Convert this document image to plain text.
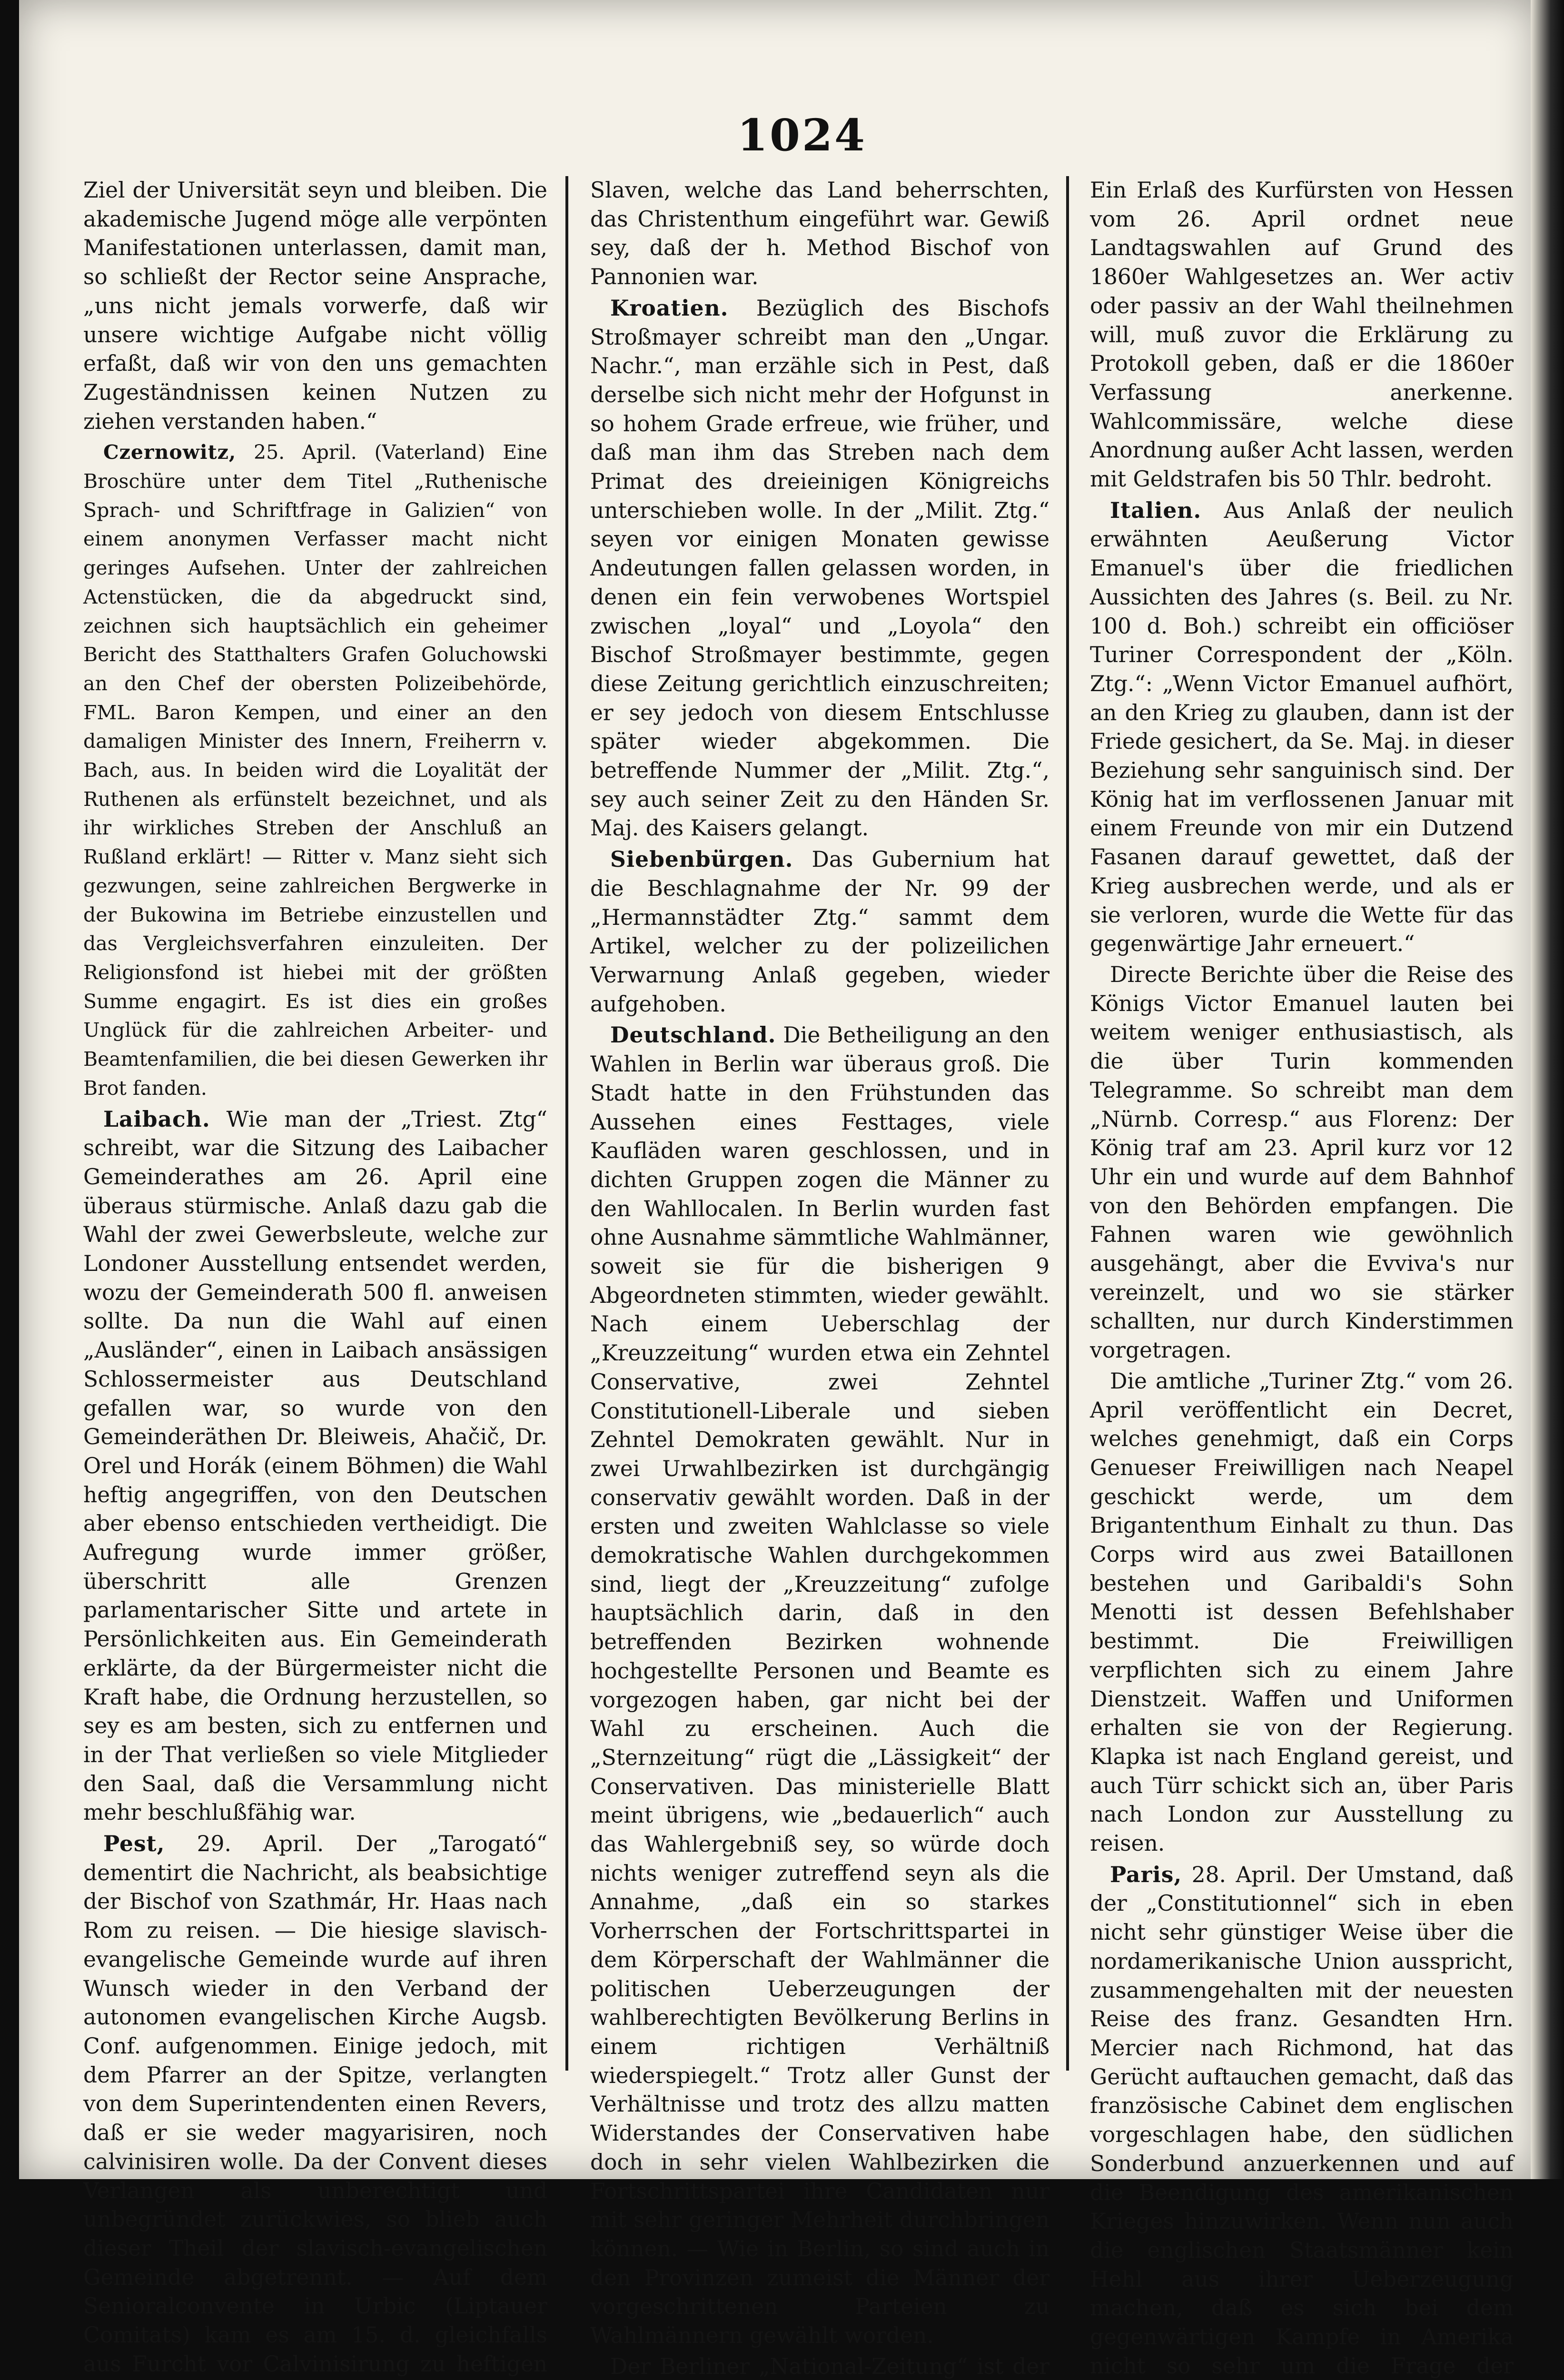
1024

Ziel der Universität seyn und bleiben. Die akademische Jugend möge alle verpönten Manifestationen unterlassen, damit man, so schließt der Rector seine Ansprache, „uns nicht jemals vorwerfe, daß wir unsere wichtige Aufgabe nicht völlig erfaßt, daß wir von den uns gemachten Zugeständnissen keinen Nutzen zu ziehen verstanden haben.“

Czernowitz, 25. April. (Vaterland) Eine Broschüre unter dem Titel „Ruthenische Sprach- und Schriftfrage in Galizien“ von einem anonymen Verfasser macht nicht geringes Aufsehen. Unter der zahlreichen Actenstücken, die da abgedruckt sind, zeichnen sich hauptsächlich ein geheimer Bericht des Statthalters Grafen Goluchowski an den Chef der obersten Polizeibehörde, FML. Baron Kempen, und einer an den damaligen Minister des Innern, Freiherrn v. Bach, aus. In beiden wird die Loyalität der Ruthenen als erfünstelt bezeichnet, und als ihr wirkliches Streben der Anschluß an Rußland erklärt! — Ritter v. Manz sieht sich gezwungen, seine zahlreichen Bergwerke in der Bukowina im Betriebe einzustellen und das Vergleichsverfahren einzuleiten. Der Religionsfond ist hiebei mit der größten Summe engagirt. Es ist dies ein großes Unglück für die zahlreichen Arbeiter- und Beamtenfamilien, die bei diesen Gewerken ihr Brot fanden.

Laibach. Wie man der „Triest. Ztg“ schreibt, war die Sitzung des Laibacher Gemeinderathes am 26. April eine überaus stürmische. Anlaß dazu gab die Wahl der zwei Gewerbsleute, welche zur Londoner Ausstellung entsendet werden, wozu der Gemeinderath 500 fl. anweisen sollte. Da nun die Wahl auf einen „Ausländer“, einen in Laibach ansässigen Schlossermeister aus Deutschland gefallen war, so wurde von den Gemeinderäthen Dr. Bleiweis, Ahačič, Dr. Orel und Horák (einem Böhmen) die Wahl heftig angegriffen, von den Deutschen aber ebenso entschieden vertheidigt. Die Aufregung wurde immer größer, überschritt alle Grenzen parlamentarischer Sitte und artete in Persönlichkeiten aus. Ein Gemeinderath erklärte, da der Bürgermeister nicht die Kraft habe, die Ordnung herzustellen, so sey es am besten, sich zu entfernen und in der That verließen so viele Mitglieder den Saal, daß die Versammlung nicht mehr beschlußfähig war.

Pest, 29. April. Der „Tarogató“ dementirt die Nachricht, als beabsichtige der Bischof von Szathmár, Hr. Haas nach Rom zu reisen. — Die hiesige slavisch-evangelische Gemeinde wurde auf ihren Wunsch wieder in den Verband der autonomen evangelischen Kirche Augsb. Conf. aufgenommen. Einige jedoch, mit dem Pfarrer an der Spitze, verlangten von dem Superintendenten einen Revers, daß er sie weder magyarisiren, noch calvinisiren wolle. Da der Convent dieses Verlangen als unberechtigt und unbegründet zurückwies, so blieb auch dieser Theil der slavisch-evangelischen Gemeinde abgetrennt. — Auf dem Senioralconvente in Urbic (Liptauer Comitats) kam es am 15. d. gleichfalls aus Furcht vor Calvinisirung zu heftigen

Slaven, welche das Land beherrschten, das Christenthum eingeführt war. Gewiß sey, daß der h. Method Bischof von Pannonien war.

Kroatien. Bezüglich des Bischofs Stroßmayer schreibt man den „Ungar. Nachr.“, man erzähle sich in Pest, daß derselbe sich nicht mehr der Hofgunst in so hohem Grade erfreue, wie früher, und daß man ihm das Streben nach dem Primat des dreieinigen Königreichs unterschieben wolle. In der „Milit. Ztg.“ seyen vor einigen Monaten gewisse Andeutungen fallen gelassen worden, in denen ein fein verwobenes Wortspiel zwischen „loyal“ und „Loyola“ den Bischof Stroßmayer bestimmte, gegen diese Zeitung gerichtlich einzuschreiten; er sey jedoch von diesem Entschlusse später wieder abgekommen. Die betreffende Nummer der „Milit. Ztg.“, sey auch seiner Zeit zu den Händen Sr. Maj. des Kaisers gelangt.

Siebenbürgen. Das Gubernium hat die Beschlagnahme der Nr. 99 der „Hermannstädter Ztg.“ sammt dem Artikel, welcher zu der polizeilichen Verwarnung Anlaß gegeben, wieder aufgehoben.

Deutschland. Die Betheiligung an den Wahlen in Berlin war überaus groß. Die Stadt hatte in den Frühstunden das Aussehen eines Festtages, viele Kaufläden waren geschlossen, und in dichten Gruppen zogen die Männer zu den Wahllocalen. In Berlin wurden fast ohne Ausnahme sämmtliche Wahlmänner, soweit sie für die bisherigen 9 Abgeordneten stimmten, wieder gewählt. Nach einem Ueberschlag der „Kreuzzeitung“ wurden etwa ein Zehntel Conservative, zwei Zehntel Constitutionell-Liberale und sieben Zehntel Demokraten gewählt. Nur in zwei Urwahlbezirken ist durchgängig conservativ gewählt worden. Daß in der ersten und zweiten Wahlclasse so viele demokratische Wahlen durchgekommen sind, liegt der „Kreuzzeitung“ zufolge hauptsächlich darin, daß in den betreffenden Bezirken wohnende hochgestellte Personen und Beamte es vorgezogen haben, gar nicht bei der Wahl zu erscheinen. Auch die „Sternzeitung“ rügt die „Lässigkeit“ der Conservativen. Das ministerielle Blatt meint übrigens, wie „bedauerlich“ auch das Wahlergebniß sey, so würde doch nichts weniger zutreffend seyn als die Annahme, „daß ein so starkes Vorherrschen der Fortschrittspartei in dem Körperschaft der Wahlmänner die politischen Ueberzeugungen der wahlberechtigten Bevölkerung Berlins in einem richtigen Verhältniß wiederspiegelt.“ Trotz aller Gunst der Verhältnisse und trotz des allzu matten Widerstandes der Conservativen habe doch in sehr vielen Wahlbezirken die Fortschrittspartei ihre Candidaten nur mit sehr geringer Mehrheit durchbringen können. — Wie in Berlin, so sind auch in den Provinzen zumeist die Männer der vorgeschrittenen Parteien zu Wahlmännern gewählt worden.

Der Berliner „National-Zeitung“ ist der

Ein Erlaß des Kurfürsten von Hessen vom 26. April ordnet neue Landtagswahlen auf Grund des 1860er Wahlgesetzes an. Wer activ oder passiv an der Wahl theilnehmen will, muß zuvor die Erklärung zu Protokoll geben, daß er die 1860er Verfassung anerkenne. Wahlcommissäre, welche diese Anordnung außer Acht lassen, werden mit Geldstrafen bis 50 Thlr. bedroht.

Italien. Aus Anlaß der neulich erwähnten Aeußerung Victor Emanuel's über die friedlichen Aussichten des Jahres (s. Beil. zu Nr. 100 d. Boh.) schreibt ein officiöser Turiner Correspondent der „Köln. Ztg.“: „Wenn Victor Emanuel aufhört, an den Krieg zu glauben, dann ist der Friede gesichert, da Se. Maj. in dieser Beziehung sehr sanguinisch sind. Der König hat im verflossenen Januar mit einem Freunde von mir ein Dutzend Fasanen darauf gewettet, daß der Krieg ausbrechen werde, und als er sie verloren, wurde die Wette für das gegenwärtige Jahr erneuert.“

Directe Berichte über die Reise des Königs Victor Emanuel lauten bei weitem weniger enthusiastisch, als die über Turin kommenden Telegramme. So schreibt man dem „Nürnb. Corresp.“ aus Florenz: Der König traf am 23. April kurz vor 12 Uhr ein und wurde auf dem Bahnhof von den Behörden empfangen. Die Fahnen waren wie gewöhnlich ausgehängt, aber die Evviva's nur vereinzelt, und wo sie stärker schallten, nur durch Kinderstimmen vorgetragen.

Die amtliche „Turiner Ztg.“ vom 26. April veröffentlicht ein Decret, welches genehmigt, daß ein Corps Genueser Freiwilligen nach Neapel geschickt werde, um dem Brigantenthum Einhalt zu thun. Das Corps wird aus zwei Bataillonen bestehen und Garibaldi's Sohn Menotti ist dessen Befehlshaber bestimmt. Die Freiwilligen verpflichten sich zu einem Jahre Dienstzeit. Waffen und Uniformen erhalten sie von der Regierung. Klapka ist nach England gereist, und auch Türr schickt sich an, über Paris nach London zur Ausstellung zu reisen.

Paris, 28. April. Der Umstand, daß der „Constitutionnel“ sich in eben nicht sehr günstiger Weise über die nordamerikanische Union ausspricht, zusammengehalten mit der neuesten Reise des franz. Gesandten Hrn. Mercier nach Richmond, hat das Gerücht auftauchen gemacht, daß das französische Cabinet dem englischen vorgeschlagen habe, den südlichen Sonderbund anzuerkennen und auf die Beendigung des amerikanischen Krieges hinzuwirken. Wenn nun auch die englischen Staatsmänner kein Hehl aus ihrer Ueberzeugung machen, daß es sich bei dem gegenwärtigen Kampfe in Amerika nicht so sehr um die Frage der
